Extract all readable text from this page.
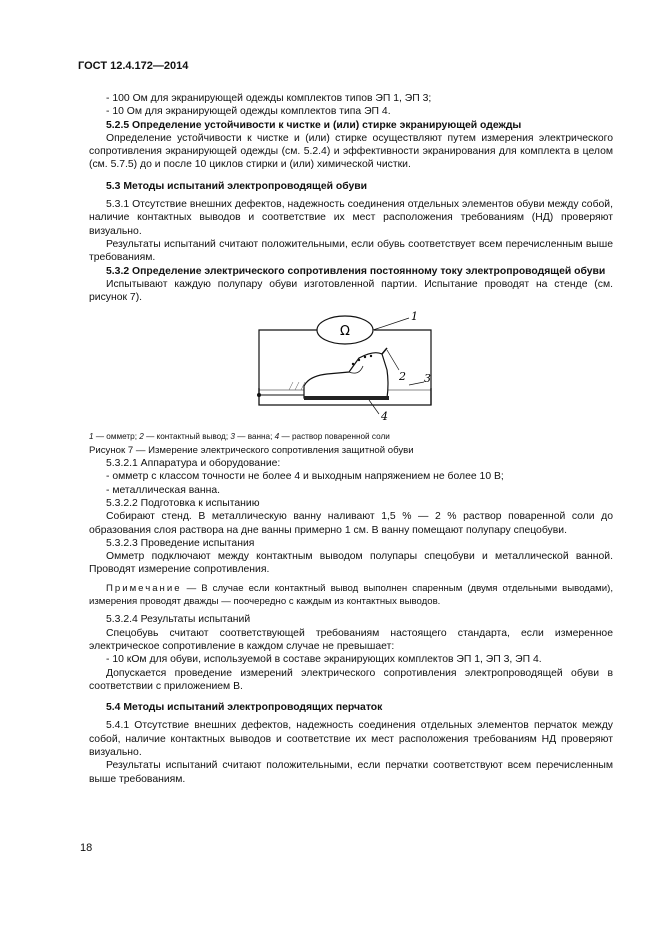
ГОСТ 12.4.172—2014

- 100 Ом для экранирующей одежды комплектов типов ЭП 1, ЭП 3;

- 10 Ом для экранирующей одежды комплектов типа ЭП 4.

5.2.5 Определение устойчивости к чистке и (или) стирке экранирующей одежды

Определение устойчивости к чистке и (или) стирке осуществляют путем измерения электрического сопротивления экранирующей одежды (см. 5.2.4) и эффективности экранирования для комплекта в целом (см. 5.7.5) до и после 10 циклов стирки и (или) химической чистки.

5.3 Методы испытаний электропроводящей обуви

5.3.1 Отсутствие внешних дефектов, надежность соединения отдельных элементов обуви между собой, наличие контактных выводов и соответствие их мест расположения требованиям (НД) проверяют визуально.

Результаты испытаний считают положительными, если обувь соответствует всем перечисленным выше требованиям.

5.3.2 Определение электрического сопротивления постоянному току электропроводящей обуви

Испытывают каждую полупару обуви изготовленной партии. Испытание проводят на стенде (см. рисунок 7).

Ω
1
2 3
4

1 — омметр; 2 — контактный вывод; 3 — ванна; 4 — раствор поваренной соли

Рисунок 7 — Измерение электрического сопротивления защитной обуви

5.3.2.1 Аппаратура и оборудование:

- омметр с классом точности не более 4 и выходным напряжением не более 10 В;

- металлическая ванна.

5.3.2.2 Подготовка к испытанию

Собирают стенд. В металлическую ванну наливают 1,5 % — 2 % раствор поваренной соли до образования слоя раствора на дне ванны примерно 1 см. В ванну помещают полупару спецобуви.

5.3.2.3 Проведение испытания

Омметр подключают между контактным выводом полупары спецобуви и металлической ванной. Проводят измерение сопротивления.

Примечание — В случае если контактный вывод выполнен спаренным (двумя отдельными выводами), измерения проводят дважды — поочередно с каждым из контактных выводов.

5.3.2.4 Результаты испытаний

Спецобувь считают соответствующей требованиям настоящего стандарта, если измеренное электрическое сопротивление в каждом случае не превышает:

- 10 кОм для обуви, используемой в составе экранирующих комплектов ЭП 1, ЭП 3, ЭП 4.

Допускается проведение измерений электрического сопротивления электропроводящей обуви в соответствии с приложением В.

5.4 Методы испытаний электропроводящих перчаток

5.4.1 Отсутствие внешних дефектов, надежность соединения отдельных элементов перчаток между собой, наличие контактных выводов и соответствие их мест расположения требованиям НД проверяют визуально.

Результаты испытаний считают положительными, если перчатки соответствуют всем перечисленным выше требованиям.

18
